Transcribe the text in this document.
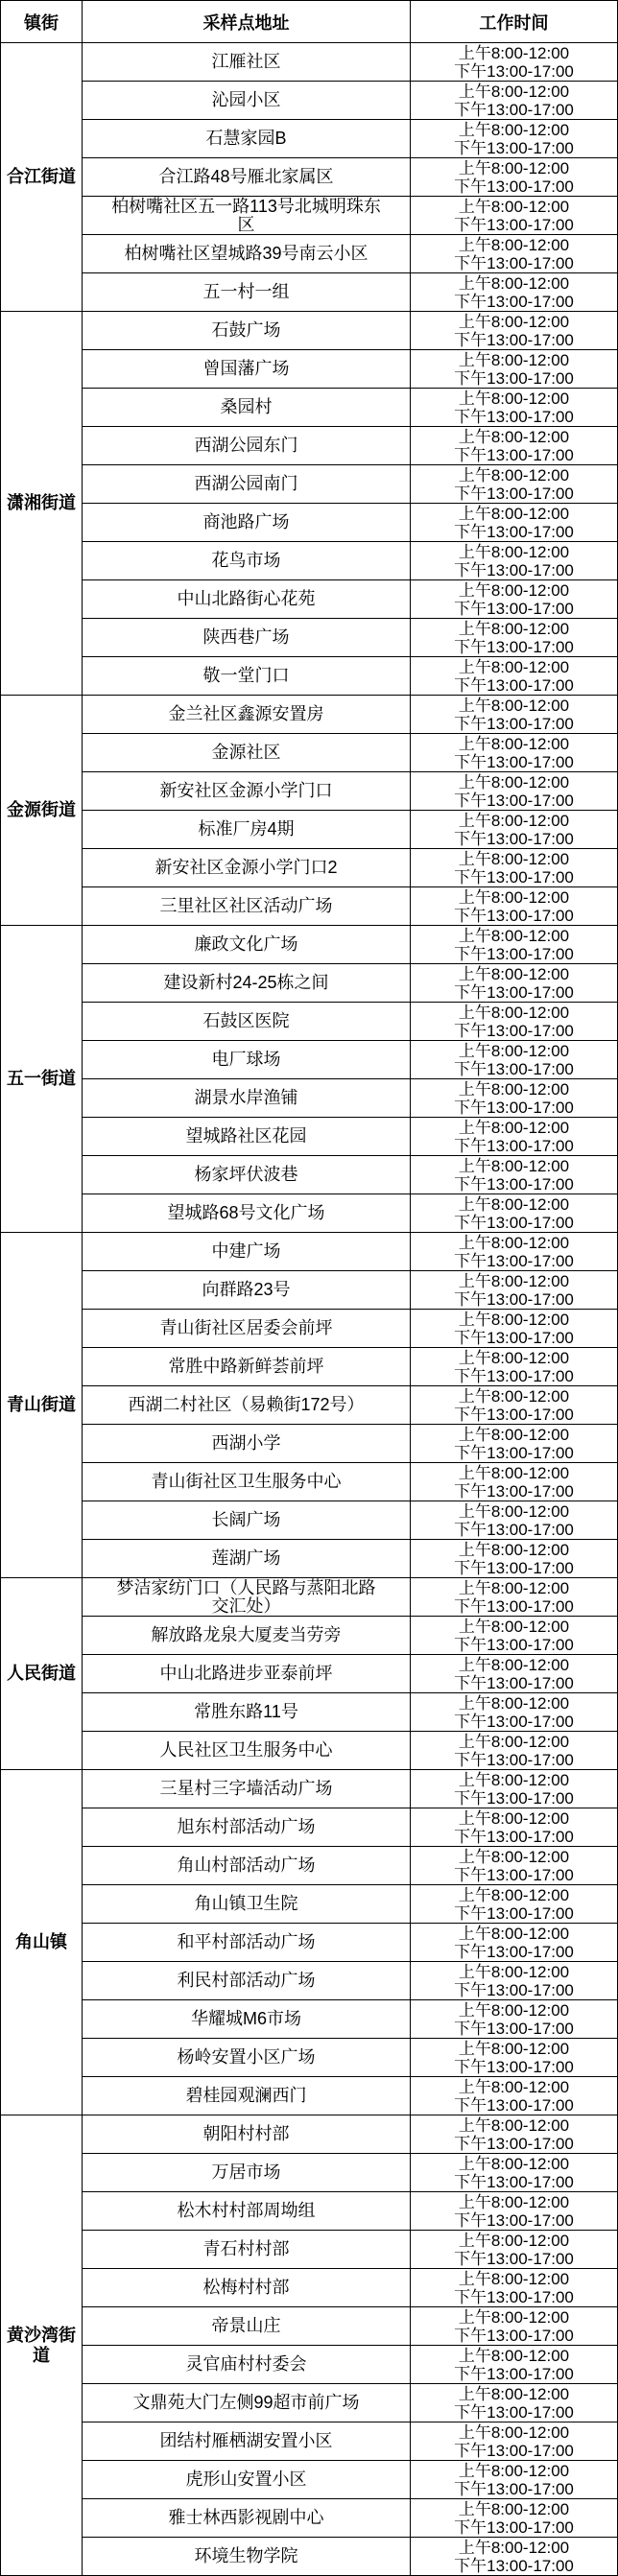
镇街	采样点地址	工作时间
合江街道
江雁社区	上午8:00-12:00
下午13:00-17:00
沁园小区	上午8:00-12:00
下午13:00-17:00
石慧家园B	上午8:00-12:00
下午13:00-17:00
合江路48号雁北家属区	上午8:00-12:00
下午13:00-17:00
柏树嘴社区五一路113号北城明珠东区
上午8:00-12:00
下午13:00-17:00
柏树嘴社区望城路39号南云小区	上午8:00-12:00
下午13:00-17:00
五一村一组	上午8:00-12:00
下午13:00-17:00
潇湘街道
石鼓广场	上午8:00-12:00
下午13:00-17:00
曾国藩广场	上午8:00-12:00
下午13:00-17:00
桑园村	上午8:00-12:00
下午13:00-17:00
西湖公园东门	上午8:00-12:00
下午13:00-17:00
西湖公园南门	上午8:00-12:00
下午13:00-17:00
商池路广场	上午8:00-12:00
下午13:00-17:00
花鸟市场	上午8:00-12:00
下午13:00-17:00
中山北路街心花苑	上午8:00-12:00
下午13:00-17:00
陕西巷广场	上午8:00-12:00
下午13:00-17:00
敬一堂门口	上午8:00-12:00
下午13:00-17:00
金源街道
金兰社区鑫源安置房	上午8:00-12:00
下午13:00-17:00
金源社区	上午8:00-12:00
下午13:00-17:00
新安社区金源小学门口	上午8:00-12:00
下午13:00-17:00
标准厂房4期	上午8:00-12:00
下午13:00-17:00
新安社区金源小学门口2	上午8:00-12:00
下午13:00-17:00
三里社区社区活动广场	上午8:00-12:00
下午13:00-17:00
五一街道
廉政文化广场	上午8:00-12:00
下午13:00-17:00
建设新村24-25栋之间	上午8:00-12:00
下午13:00-17:00
石鼓区医院	上午8:00-12:00
下午13:00-17:00
电厂球场	上午8:00-12:00
下午13:00-17:00
湖景水岸渔铺	上午8:00-12:00
下午13:00-17:00
望城路社区花园	上午8:00-12:00
下午13:00-17:00
杨家坪伏波巷	上午8:00-12:00
下午13:00-17:00
望城路68号文化广场	上午8:00-12:00
下午13:00-17:00
青山街道
中建广场	上午8:00-12:00
下午13:00-17:00
向群路23号	上午8:00-12:00
下午13:00-17:00
青山街社区居委会前坪	上午8:00-12:00
下午13:00-17:00
常胜中路新鲜荟前坪	上午8:00-12:00
下午13:00-17:00
西湖二村社区（易赖街172号）	上午8:00-12:00
下午13:00-17:00
西湖小学	上午8:00-12:00
下午13:00-17:00
青山街社区卫生服务中心	上午8:00-12:00
下午13:00-17:00
长阔广场	上午8:00-12:00
下午13:00-17:00
莲湖广场	上午8:00-12:00
下午13:00-17:00
人民街道
梦洁家纺门口（人民路与蒸阳北路交汇处）
上午8:00-12:00
下午13:00-17:00
解放路龙泉大厦麦当劳旁	上午8:00-12:00
下午13:00-17:00
中山北路进步亚泰前坪	上午8:00-12:00
下午13:00-17:00
常胜东路11号	上午8:00-12:00
下午13:00-17:00
人民社区卫生服务中心	上午8:00-12:00
下午13:00-17:00
角山镇
三星村三字墙活动广场	上午8:00-12:00
下午13:00-17:00
旭东村部活动广场	上午8:00-12:00
下午13:00-17:00
角山村部活动广场	上午8:00-12:00
下午13:00-17:00
角山镇卫生院	上午8:00-12:00
下午13:00-17:00
和平村部活动广场	上午8:00-12:00
下午13:00-17:00
利民村部活动广场	上午8:00-12:00
下午13:00-17:00
华耀城M6市场	上午8:00-12:00
下午13:00-17:00
杨岭安置小区广场	上午8:00-12:00
下午13:00-17:00
碧桂园观澜西门	上午8:00-12:00
下午13:00-17:00
黄沙湾街道
朝阳村村部	上午8:00-12:00
下午13:00-17:00
万居市场	上午8:00-12:00
下午13:00-17:00
松木村村部周坳组	上午8:00-12:00
下午13:00-17:00
青石村村部	上午8:00-12:00
下午13:00-17:00
松梅村村部	上午8:00-12:00
下午13:00-17:00
帝景山庄	上午8:00-12:00
下午13:00-17:00
灵官庙村村委会	上午8:00-12:00
下午13:00-17:00
文鼎苑大门左侧99超市前广场	上午8:00-12:00
下午13:00-17:00
团结村雁栖湖安置小区	上午8:00-12:00
下午13:00-17:00
虎形山安置小区	上午8:00-12:00
下午13:00-17:00
雅士林西影视剧中心	上午8:00-12:00
下午13:00-17:00
环境生物学院	上午8:00-12:00
下午13:00-17:00
